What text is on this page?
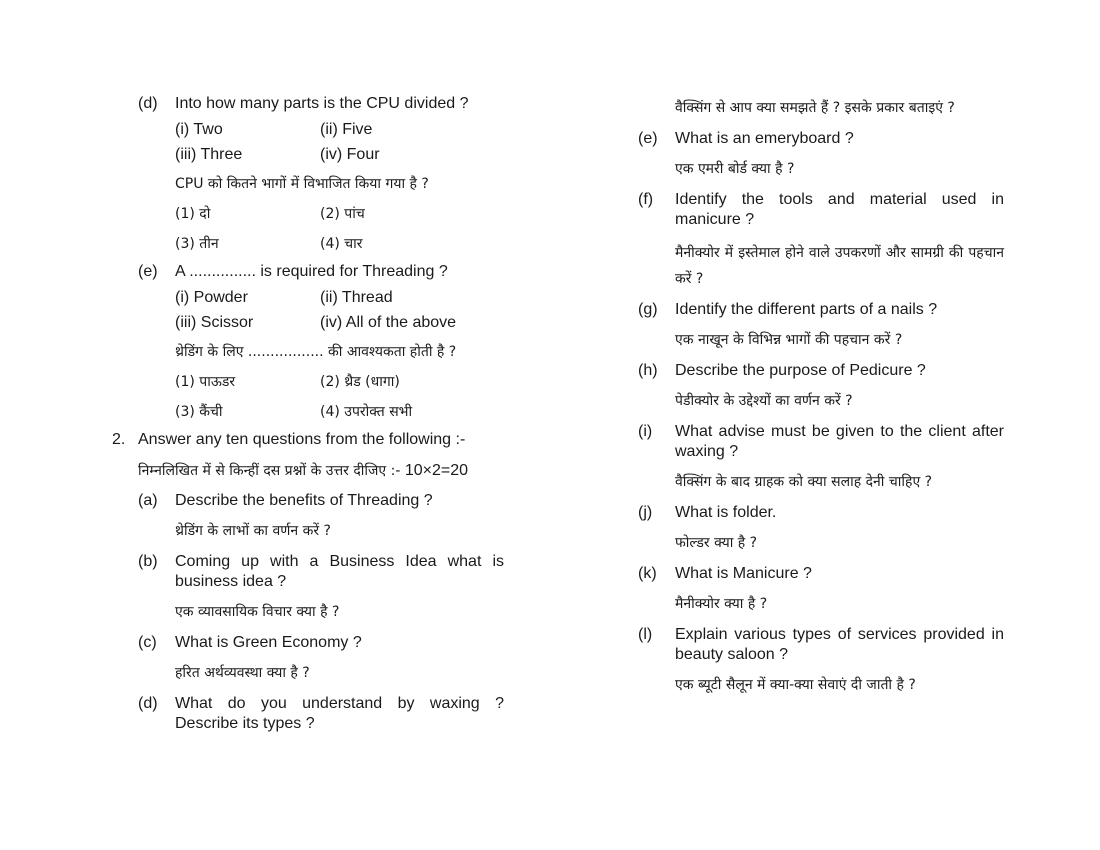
(d) Into how many parts is the CPU divided ?
(i) Two	(ii) Five
(iii) Three	(iv) Four
CPU को कितने भागों में विभाजित किया गया है ?
(1) दो	(2) पांच
(3) तीन	(4) चार
(e) A ............... is required for Threading ?
(i) Powder	(ii) Thread
(iii) Scissor	(iv) All of the above
थ्रेडिंग के लिए ................. की आवश्यकता होती है ?
(1) पाऊडर	(2) थ्रैड (धागा)
(3) कैंची	(4) उपरोक्त सभी
2. Answer any ten questions from the following :-
निम्नलिखित में से किन्हीं दस प्रश्नों के उत्तर दीजिए :- 10×2=20
(a) Describe the benefits of Threading ?
थ्रेडिंग के लाभों का वर्णन करें ?
(b) Coming up with a Business Idea what is business idea ?
एक व्यावसायिक विचार क्या है ?
(c) What is Green Economy ?
हरित अर्थव्यवस्था क्या है ?
(d) What do you understand by waxing ? Describe its types ?
वैक्सिंग से आप क्या समझते हैं ? इसके प्रकार बताइएं ?
(e) What is an emeryboard ?
एक एमरी बोर्ड क्या है ?
(f) Identify the tools and material used in manicure ?
मैनीक्योर में इस्तेमाल होने वाले उपकरणों और सामग्री की पहचान करें ?
(g) Identify the different parts of a nails ?
एक नाखून के विभिन्न भागों की पहचान करें ?
(h) Describe the purpose of Pedicure ?
पेडीक्योर के उद्देश्यों का वर्णन करें ?
(i) What advise must be given to the client after waxing ?
वैक्सिंग के बाद ग्राहक को क्या सलाह देनी चाहिए ?
(j) What is folder.
फोल्डर क्या है ?
(k) What is Manicure ?
मैनीक्योर क्या है ?
(l) Explain various types of services provided in beauty saloon ?
एक ब्यूटी सैलून में क्या-क्या सेवाएं दी जाती है ?
